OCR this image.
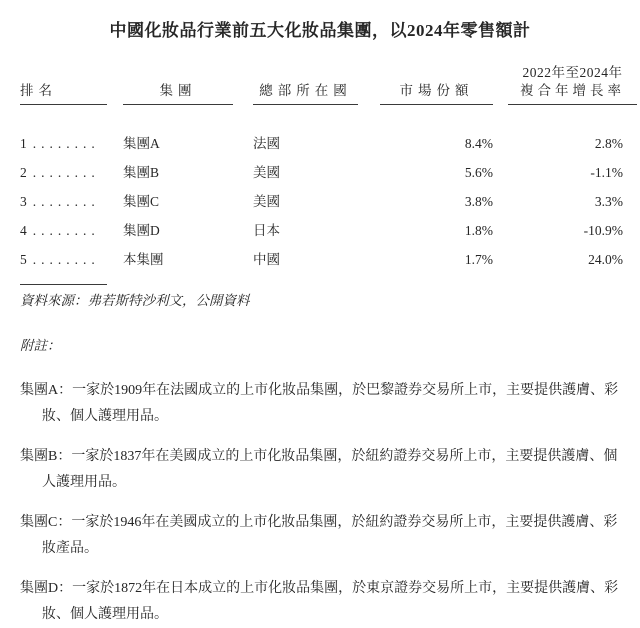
中國化妝品行業前五大化妝品集團，以2024年零售額計
排名	集團	總部所在國	市場份額
2022年至2024年
複合年增長率
1 ........ 集團A	法國	8.4%	2.8%
2 ........ 集團B	美國	5.6%	-1.1%
3 ........ 集團C	美國	3.8%	3.3%
4 ........ 集團D	日本	1.8%	-10.9%
5 ........ 本集團	中國	1.7%	24.0%
資料來源：弗若斯特沙利文，公開資料
附註：
集團A：一家於1909年在法國成立的上市化妝品集團，於巴黎證券交易所上市，主要提供護膚、彩妝、個人護理用品。
集團B：一家於1837年在美國成立的上市化妝品集團，於紐約證券交易所上市，主要提供護膚、個人護理用品。
集團C：一家於1946年在美國成立的上市化妝品集團，於紐約證券交易所上市，主要提供護膚、彩妝產品。
集團D：一家於1872年在日本成立的上市化妝品集團，於東京證券交易所上市，主要提供護膚、彩妝、個人護理用品。
